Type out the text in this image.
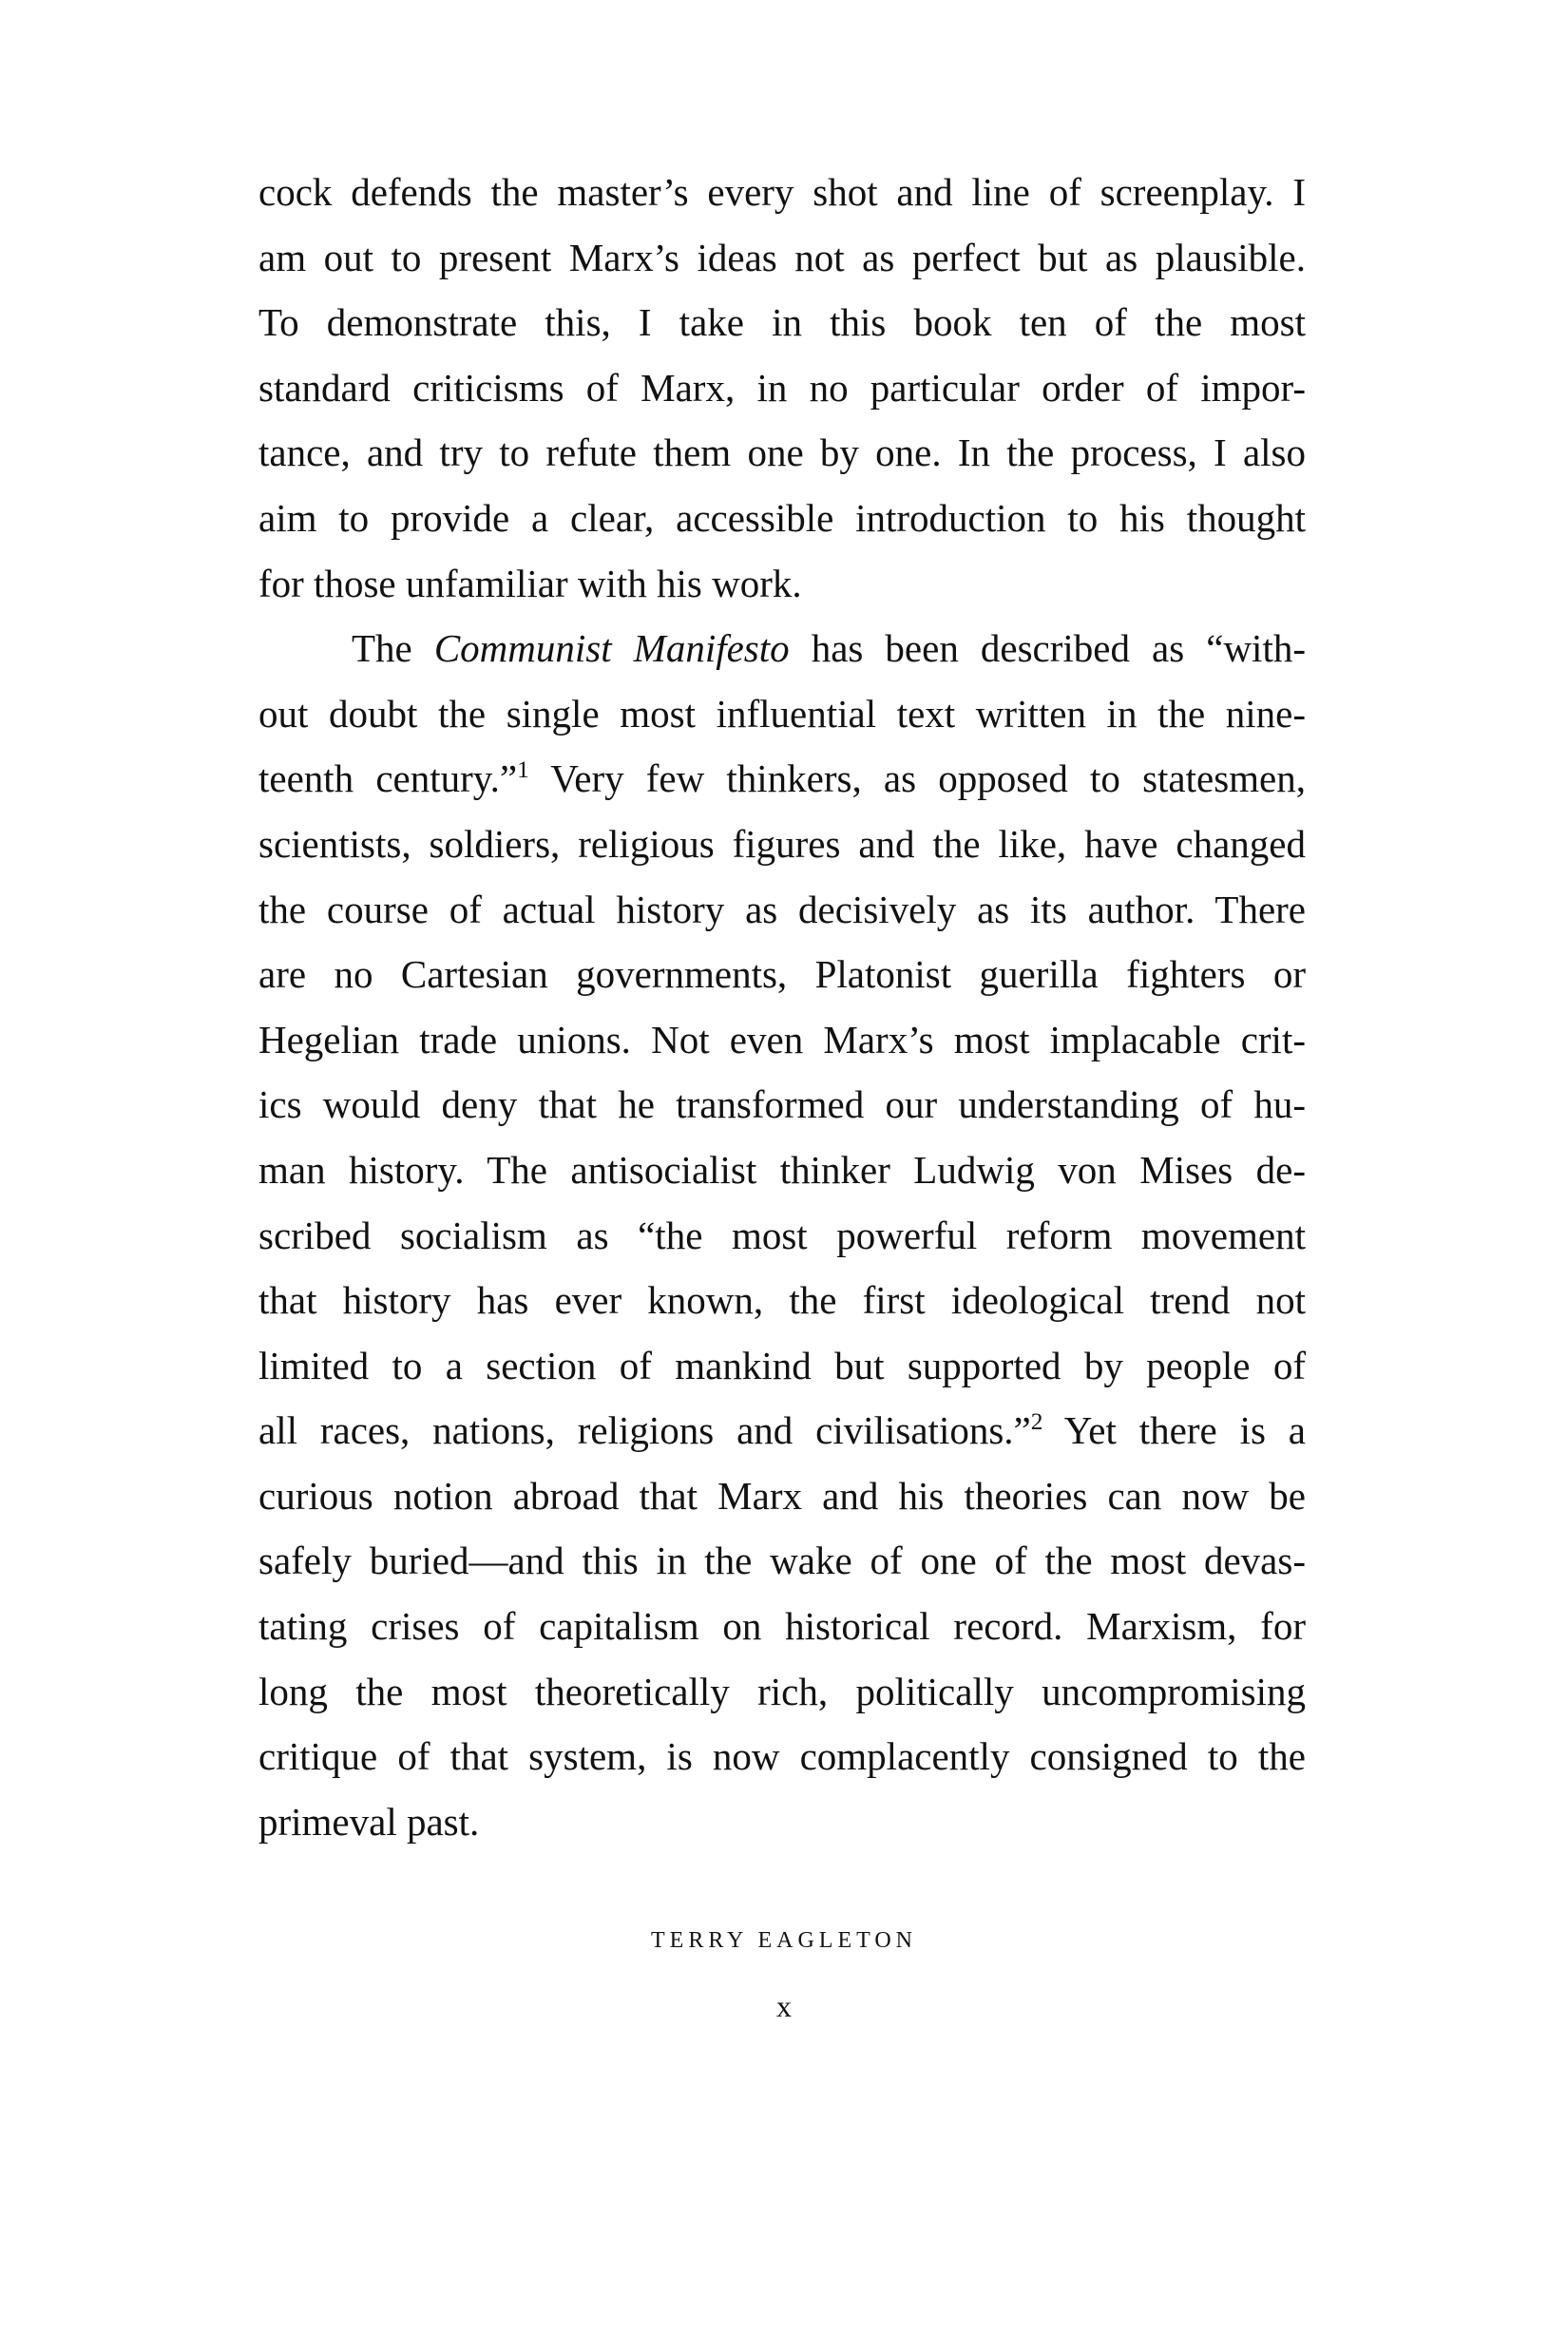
cock defends the master’s every shot and line of screenplay. I
am out to present Marx’s ideas not as perfect but as plausible.
To demonstrate this, I take in this book ten of the most
standard criticisms of Marx, in no particular order of impor-
tance, and try to refute them one by one. In the process, I also
aim to provide a clear, accessible introduction to his thought
for those unfamiliar with his work.
The Communist Manifesto has been described as “with-
out doubt the single most influential text written in the nine-
teenth century.”$^1$ Very few thinkers, as opposed to statesmen,
scientists, soldiers, religious figures and the like, have changed
the course of actual history as decisively as its author. There
are no Cartesian governments, Platonist guerilla fighters or
Hegelian trade unions. Not even Marx’s most implacable crit-
ics would deny that he transformed our understanding of hu-
man history. The antisocialist thinker Ludwig von Mises de-
scribed socialism as “the most powerful reform movement
that history has ever known, the first ideological trend not
limited to a section of mankind but supported by people of
all races, nations, religions and civilisations.”$^2$ Yet there is a
curious notion abroad that Marx and his theories can now be
safely buried—and this in the wake of one of the most devas-
tating crises of capitalism on historical record. Marxism, for
long the most theoretically rich, politically uncompromising
critique of that system, is now complacently consigned to the
primeval past.
TERRY EAGLETON
x
